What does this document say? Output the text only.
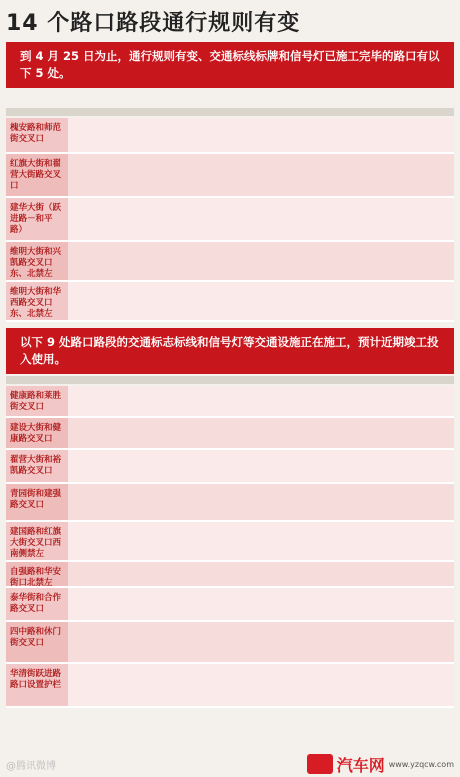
14 个路口路段通行规则有变
到 4 月 25 日为止，通行规则有变、交通标线标牌和信号灯已施工完毕的路口有以下 5 处。
槐安路和师范街交叉口
红旗大街和翟营大街路交叉口
建华大街（跃进路－和平路）
维明大街和兴凯路交叉口东、北禁左
维明大街和华西路交叉口东、北禁左
以下 9 处路口路段的交通标志标线和信号灯等交通设施正在施工，预计近期竣工投入使用。
健康路和莱胜街交叉口
建设大街和健康路交叉口
翟营大街和裕凯路交叉口
青园街和建强路交叉口
建国路和红旗大街交叉口西南侧禁左
自强路和华安街口北禁左
泰华街和合作路交叉口
四中路和休门街交叉口
华清街跃进路路口设置护栏
@腾讯微博	汽车网 www.yzqcw.com
